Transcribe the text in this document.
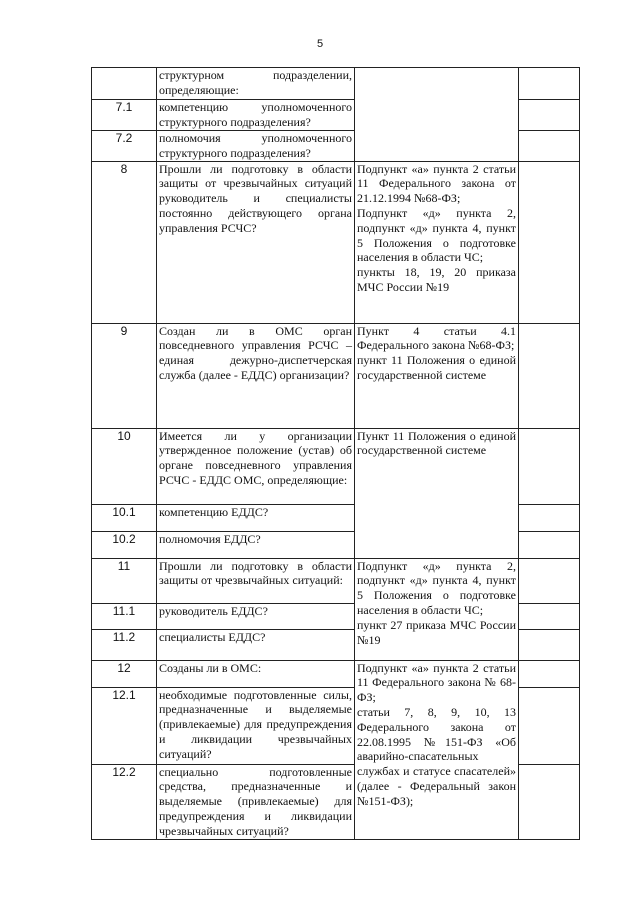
5
	структурном подразделении, определяющие:		
7.1	компетенцию уполномоченного структурного подразделения?		
7.2	полномочия уполномоченного структурного подразделения?		
8	Прошли ли подготовку в области защиты от чрезвычайных ситуаций руководитель и специалисты постоянно действующего органа управления РСЧС?	Подпункт «а» пункта 2 статьи 11 Федерального закона от 21.12.1994 №68-ФЗ;
Подпункт «д» пункта 2, подпункт «д» пункта 4, пункт 5 Положения о подготовке населения в области ЧС;
пункты 18, 19, 20 приказа МЧС России №19	

9	Создан ли в ОМС орган повседневного управления РСЧС – единая дежурно-диспетчерская служба (далее - ЕДДС) организации?	Пункт 4 статьи 4.1 Федерального закона №68-ФЗ;
пункт 11 Положения о единой государственной системе	

10	Имеется ли у организации утвержденное положение (устав) об органе повседневного управления РСЧС - ЕДДС ОМС, определяющие:	Пункт 11 Положения о единой государственной системе	

10.1	компетенцию ЕДДС?		
10.2	полномочия ЕДДС?		
11	Прошли ли подготовку в области защиты от чрезвычайных ситуаций:	Подпункт «д» пункта 2, подпункт «д» пункта 4, пункт 5 Положения о подготовке населения в области ЧС;
пункт 27 приказа МЧС России №19	

11.1	руководитель ЕДДС?		
11.2	специалисты ЕДДС?		
12	Созданы ли в ОМС:	Подпункт «а» пункта 2 статьи 11 Федерального закона № 68-ФЗ;
статьи 7, 8, 9, 10, 13 Федерального закона от 22.08.1995 №151-ФЗ «Об аварийно-спасательных службах и статусе спасателей» (далее - Федеральный закон №151-ФЗ);	

12.1	необходимые подготовленные силы, предназначенные и выделяемые (привлекаемые) для предупреждения и ликвидации чрезвычайных ситуаций?		
12.2	специально подготовленные средства, предназначенные и выделяемые (привлекаемые) для предупреждения и ликвидации чрезвычайных ситуаций?		
